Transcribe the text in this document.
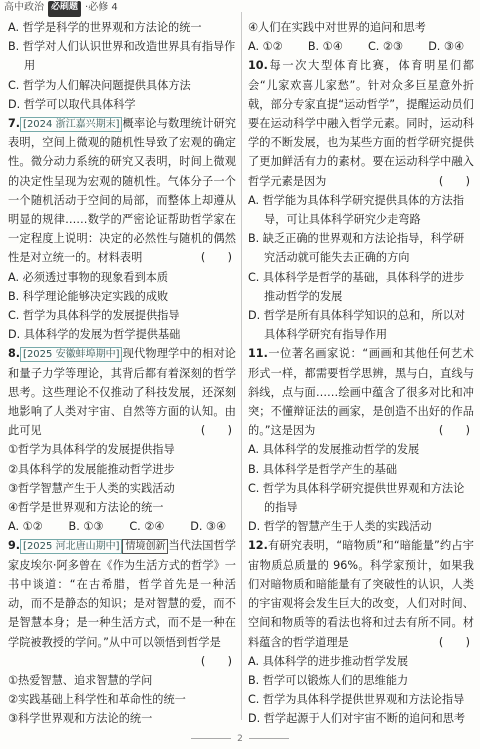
高中政治 必刷题 ·必修 4

A. 哲学是科学的世界观和方法论的统一

B. 哲学对人们认识世界和改造世界具有指导作用

C. 哲学为人们解决问题提供具体方法

D. 哲学可以取代具体科学

7. [2024 浙江嘉兴期末] 概率论与数理统计研究表明，空间上微观的随机性导致了宏观的确定性。微分动力系统的研究又表明，时间上微观的决定性呈现为宏观的随机性。气体分子一个一个随机活动于空间的局部，而整体上却遵从明显的规律……数学的严密论证帮助哲学家在一定程度上说明：决定的必然性与随机的偶然性是对立统一的。材料表明	(　　)

A. 必须透过事物的现象看到本质

B. 科学理论能够决定实践的成败

C. 哲学为具体科学的发展提供指导

D. 具体科学的发展为哲学提供基础

8. [2025 安徽蚌埠期中] 现代物理学中的相对论和量子力学等理论，其背后都有着深刻的哲学思考。这些理论不仅推动了科技发展，还深刻地影响了人类对宇宙、自然等方面的认知。由此可见	(　　)

①哲学为具体科学的发展提供指导

②具体科学的发展能推动哲学进步

③哲学智慧产生于人类的实践活动

④哲学是世界观和方法论的统一

A. ①② B. ①③ C. ②④ D. ③④

9. [2025 河北唐山期中] 情境创新 当代法国哲学家皮埃尔·阿多曾在《作为生活方式的哲学》一书中谈道：“在古希腊，哲学首先是一种活动，而不是静态的知识；是对智慧的爱，而不是智慧本身；是一种生活方式，而不是一种在学院被教授的学问。”从中可以领悟到哲学是

(　　)

①热爱智慧、追求智慧的学问

②实践基础上科学性和革命性的统一

③科学世界观和方法论的统一

④人们在实践中对世界的追问和思考

A. ①② B. ①④ C. ②③ D. ③④

10.每一次大型体育比赛，体育明星们都会“儿家欢喜儿家愁”。针对众多巨星意外折戟，部分专家直提“运动哲学”，提醒运动员们要在运动科学中融入哲学元素。同时，运动科学的不断发展，也为某些方面的哲学研究提供了更加鲜活有力的素材。要在运动科学中融入哲学元素是因为	(　　)

A. 哲学能为具体科学研究提供具体的方法指导，可让具体科学研究少走弯路

B. 缺乏正确的世界观和方法论指导，科学研究活动就可能失去正确的方向

C. 具体科学是哲学的基础，具体科学的进步推动哲学的发展

D. 哲学是所有具体科学知识的总和，所以对具体科学研究有指导作用

11.一位著名画家说：“画画和其他任何艺术形式一样，都需要哲学思辨，黑与白，直线与斜线，点与面……绘画中蕴含了很多对比和冲突；不懂辩证法的画家，是创造不出好的作品的。”这是因为	(　　)

A. 具体科学的发展推动哲学的发展

B. 具体科学是哲学产生的基础

C. 哲学为具体科学研究提供世界观和方法论的指导

D. 哲学的智慧产生于人类的实践活动

12.有研究表明，“暗物质”和“暗能量”约占宇宙物质总质量的 96%。科学家预计，如果我们对暗物质和暗能量有了突破性的认识，人类的宇宙观将会发生巨大的改变，人们对时间、空间和物质等的看法也将和过去有所不同。材料蕴含的哲学道理是	(　　)

A. 具体科学的进步推动哲学发展

B. 哲学可以锻炼人们的思维能力

C. 哲学为具体科学提供世界观和方法论指导

D. 哲学起源于人们对宇宙不断的追问和思考

2
